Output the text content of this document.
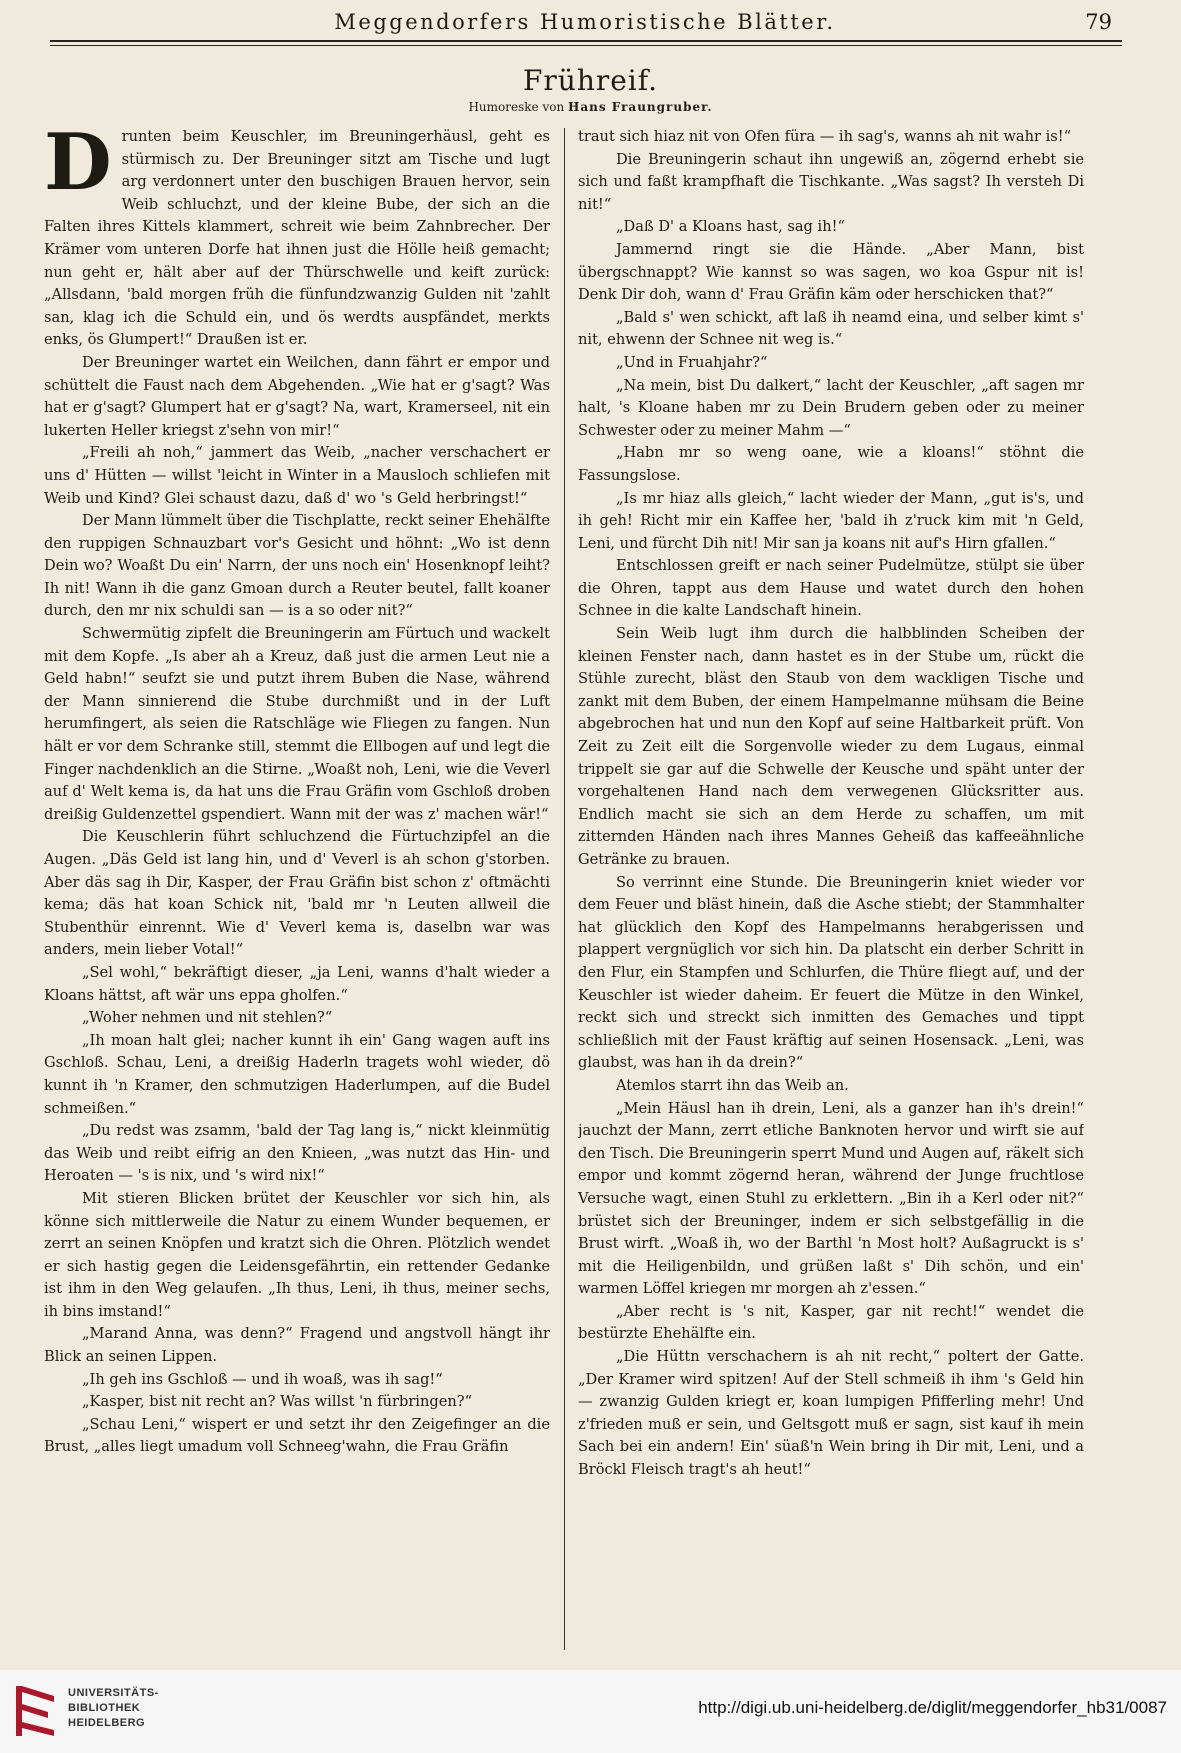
Meggendorfers Humoristische Blätter.	79
Frühreif.
Humoreske von Hans Fraungruber.

Drunten beim Keuschler, im Breuningerhäusl, geht es stürmisch zu. Der Breuninger sitzt am Tische und lugt arg verdonnert unter den buschigen Brauen hervor, sein Weib schluchzt, und der kleine Bube, der sich an die Falten ihres Kittels klammert, schreit wie beim Zahnbrecher. Der Krämer vom unteren Dorfe hat ihnen just die Hölle heiß gemacht; nun geht er, hält aber auf der Thürschwelle und keift zurück: „Allsdann, 'bald morgen früh die fünfundzwanzig Gulden nit 'zahlt san, klag ich die Schuld ein, und ös werdts auspfändet, merkts enks, ös Glumpert!“ Draußen ist er.

Der Breuninger wartet ein Weilchen, dann fährt er empor und schüttelt die Faust nach dem Abgehenden. „Wie hat er g'sagt? Was hat er g'sagt? Glumpert hat er g'sagt? Na, wart, Kramerseel, nit ein lukerten Heller kriegst z'sehn von mir!“

„Freili ah noh,“ jammert das Weib, „nacher verschachert er uns d' Hütten — willst 'leicht in Winter in a Mausloch schliefen mit Weib und Kind? Glei schaust dazu, daß d' wo 's Geld herbringst!“

Der Mann lümmelt über die Tischplatte, reckt seiner Ehehälfte den ruppigen Schnauzbart vor's Gesicht und höhnt: „Wo ist denn Dein wo? Woaßt Du ein' Narrn, der uns noch ein' Hosenknopf leiht? Ih nit! Wann ih die ganz Gmoan durch a Reuter beutel, fallt koaner durch, den mr nix schuldi san — is a so oder nit?“

Schwermütig zipfelt die Breuningerin am Fürtuch und wackelt mit dem Kopfe. „Is aber ah a Kreuz, daß just die armen Leut nie a Geld habn!“ seufzt sie und putzt ihrem Buben die Nase, während der Mann sinnierend die Stube durchmißt und in der Luft herumfingert, als seien die Ratschläge wie Fliegen zu fangen. Nun hält er vor dem Schranke still, stemmt die Ellbogen auf und legt die Finger nachdenklich an die Stirne. „Woaßt noh, Leni, wie die Veverl auf d' Welt kema is, da hat uns die Frau Gräfin vom Gschloß droben dreißig Guldenzettel gspendiert. Wann mit der was z' machen wär!“

Die Keuschlerin führt schluchzend die Fürtuchzipfel an die Augen. „Däs Geld ist lang hin, und d' Veverl is ah schon g'storben. Aber däs sag ih Dir, Kasper, der Frau Gräfin bist schon z' oftmächti kema; däs hat koan Schick nit, 'bald mr 'n Leuten allweil die Stubenthür einrennt. Wie d' Veverl kema is, daselbn war was anders, mein lieber Votal!“

„Sel wohl,“ bekräftigt dieser, „ja Leni, wanns d'halt wieder a Kloans hättst, aft wär uns eppa gholfen.“

„Woher nehmen und nit stehlen?“

„Ih moan halt glei; nacher kunnt ih ein' Gang wagen auft ins Gschloß. Schau, Leni, a dreißig Haderln tragets wohl wieder, dö kunnt ih 'n Kramer, den schmutzigen Haderlumpen, auf die Budel schmeißen.“

„Du redst was zsamm, 'bald der Tag lang is,“ nickt kleinmütig das Weib und reibt eifrig an den Knieen, „was nutzt das Hin- und Heroaten — 's is nix, und 's wird nix!“

Mit stieren Blicken brütet der Keuschler vor sich hin, als könne sich mittlerweile die Natur zu einem Wunder bequemen, er zerrt an seinen Knöpfen und kratzt sich die Ohren. Plötzlich wendet er sich hastig gegen die Leidensgefährtin, ein rettender Gedanke ist ihm in den Weg gelaufen. „Ih thus, Leni, ih thus, meiner sechs, ih bins imstand!“

„Marand Anna, was denn?“ Fragend und angstvoll hängt ihr Blick an seinen Lippen.

„Ih geh ins Gschloß — und ih woaß, was ih sag!“

„Kasper, bist nit recht an? Was willst 'n fürbringen?“

„Schau Leni,“ wispert er und setzt ihr den Zeigefinger an die Brust, „alles liegt umadum voll Schneeg'wahn, die Frau Gräfin

traut sich hiaz nit von Ofen füra — ih sag's, wanns ah nit wahr is!“

Die Breuningerin schaut ihn ungewiß an, zögernd erhebt sie sich und faßt krampfhaft die Tischkante. „Was sagst? Ih versteh Di nit!“

„Daß D' a Kloans hast, sag ih!“

Jammernd ringt sie die Hände. „Aber Mann, bist übergschnappt? Wie kannst so was sagen, wo koa Gspur nit is! Denk Dir doh, wann d' Frau Gräfin käm oder herschicken that?“

„Bald s' wen schickt, aft laß ih neamd eina, und selber kimt s' nit, ehwenn der Schnee nit weg is.“

„Und in Fruahjahr?“

„Na mein, bist Du dalkert,“ lacht der Keuschler, „aft sagen mr halt, 's Kloane haben mr zu Dein Brudern geben oder zu meiner Schwester oder zu meiner Mahm —“

„Habn mr so weng oane, wie a kloans!“ stöhnt die Fassungslose.

„Is mr hiaz alls gleich,“ lacht wieder der Mann, „gut is's, und ih geh! Richt mir ein Kaffee her, 'bald ih z'ruck kim mit 'n Geld, Leni, und fürcht Dih nit! Mir san ja koans nit auf's Hirn gfallen.“

Entschlossen greift er nach seiner Pudelmütze, stülpt sie über die Ohren, tappt aus dem Hause und watet durch den hohen Schnee in die kalte Landschaft hinein.

Sein Weib lugt ihm durch die halbblinden Scheiben der kleinen Fenster nach, dann hastet es in der Stube um, rückt die Stühle zurecht, bläst den Staub von dem wackligen Tische und zankt mit dem Buben, der einem Hampelmanne mühsam die Beine abgebrochen hat und nun den Kopf auf seine Haltbarkeit prüft. Von Zeit zu Zeit eilt die Sorgenvolle wieder zu dem Lugaus, einmal trippelt sie gar auf die Schwelle der Keusche und späht unter der vorgehaltenen Hand nach dem verwegenen Glücksritter aus. Endlich macht sie sich an dem Herde zu schaffen, um mit zitternden Händen nach ihres Mannes Geheiß das kaffeeähnliche Getränke zu brauen.

So verrinnt eine Stunde. Die Breuningerin kniet wieder vor dem Feuer und bläst hinein, daß die Asche stiebt; der Stammhalter hat glücklich den Kopf des Hampelmanns herabgerissen und plappert vergnüglich vor sich hin. Da platscht ein derber Schritt in den Flur, ein Stampfen und Schlurfen, die Thüre fliegt auf, und der Keuschler ist wieder daheim. Er feuert die Mütze in den Winkel, reckt sich und streckt sich inmitten des Gemaches und tippt schließlich mit der Faust kräftig auf seinen Hosensack. „Leni, was glaubst, was han ih da drein?“

Atemlos starrt ihn das Weib an.

„Mein Häusl han ih drein, Leni, als a ganzer han ih's drein!“ jauchzt der Mann, zerrt etliche Banknoten hervor und wirft sie auf den Tisch. Die Breuningerin sperrt Mund und Augen auf, räkelt sich empor und kommt zögernd heran, während der Junge fruchtlose Versuche wagt, einen Stuhl zu erklettern. „Bin ih a Kerl oder nit?“ brüstet sich der Breuninger, indem er sich selbstgefällig in die Brust wirft. „Woaß ih, wo der Barthl 'n Most holt? Außagruckt is s' mit die Heiligenbildn, und grüßen laßt s' Dih schön, und ein' warmen Löffel kriegen mr morgen ah z'essen.“

„Aber recht is 's nit, Kasper, gar nit recht!“ wendet die bestürzte Ehehälfte ein.

„Die Hüttn verschachern is ah nit recht,“ poltert der Gatte. „Der Kramer wird spitzen! Auf der Stell schmeiß ih ihm 's Geld hin — zwanzig Gulden kriegt er, koan lumpigen Pfifferling mehr! Und z'frieden muß er sein, und Geltsgott muß er sagn, sist kauf ih mein Sach bei ein andern! Ein' süaß'n Wein bring ih Dir mit, Leni, und a Bröckl Fleisch tragt's ah heut!“

UNIVERSITÄTS-
BIBLIOTHEK
HEIDELBERG
http://digi.ub.uni-heidelberg.de/diglit/meggendorfer_hb31/0087
